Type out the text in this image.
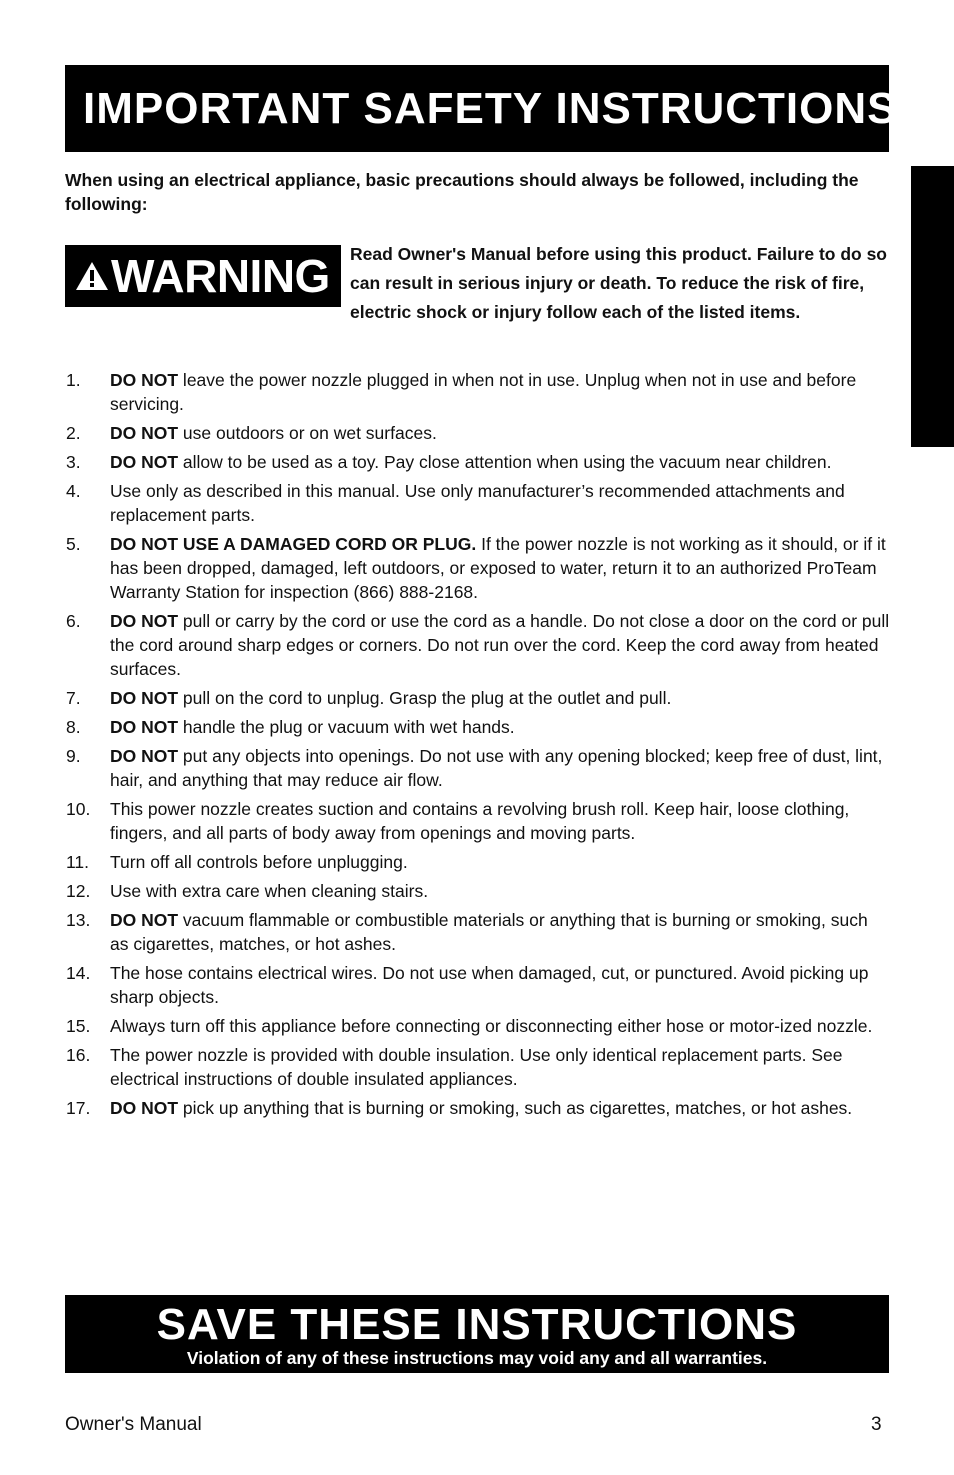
IMPORTANT SAFETY INSTRUCTIONS

When using an electrical appliance, basic precautions should always be followed, including the following:

WARNING Read Owner's Manual before using this product. Failure to do so can result in serious injury or death. To reduce the risk of fire, electric shock or injury follow each of the listed items.

1.	DO NOT leave the power nozzle plugged in when not in use. Unplug when not in use and before servicing.
2.	DO NOT use outdoors or on wet surfaces.
3.	DO NOT allow to be used as a toy. Pay close attention when using the vacuum near children.
4.	Use only as described in this manual. Use only manufacturer’s recommended attachments and replacement parts.
5.	DO NOT USE A DAMAGED CORD OR PLUG. If the power nozzle is not working as it should, or if it has been dropped, damaged, left outdoors, or exposed to water, return it to an authorized ProTeam Warranty Station for inspection (866) 888-2168.
6.	DO NOT pull or carry by the cord or use the cord as a handle. Do not close a door on the cord or pull the cord around sharp edges or corners. Do not run over the cord. Keep the cord away from heated surfaces.
7.	DO NOT pull on the cord to unplug. Grasp the plug at the outlet and pull.
8.	DO NOT handle the plug or vacuum with wet hands.
9.	DO NOT put any objects into openings. Do not use with any opening blocked; keep free of dust, lint, hair, and anything that may reduce air flow.
10.	This power nozzle creates suction and contains a revolving brush roll. Keep hair, loose clothing, fingers, and all parts of body away from openings and moving parts.
11.	Turn off all controls before unplugging.
12.	Use with extra care when cleaning stairs.
13.	DO NOT vacuum flammable or combustible materials or anything that is burning or smoking, such as cigarettes, matches, or hot ashes.
14.	The hose contains electrical wires. Do not use when damaged, cut, or punctured. Avoid picking up sharp objects.
15.	Always turn off this appliance before connecting or disconnecting either hose or motor-ized nozzle.
16.	The power nozzle is provided with double insulation. Use only identical replacement parts. See electrical instructions of double insulated appliances.
17.	DO NOT pick up anything that is burning or smoking, such as cigarettes, matches, or hot ashes.
SAVE THESE INSTRUCTIONS
Violation of any of these instructions may void any and all warranties.
Owner's Manual	3
